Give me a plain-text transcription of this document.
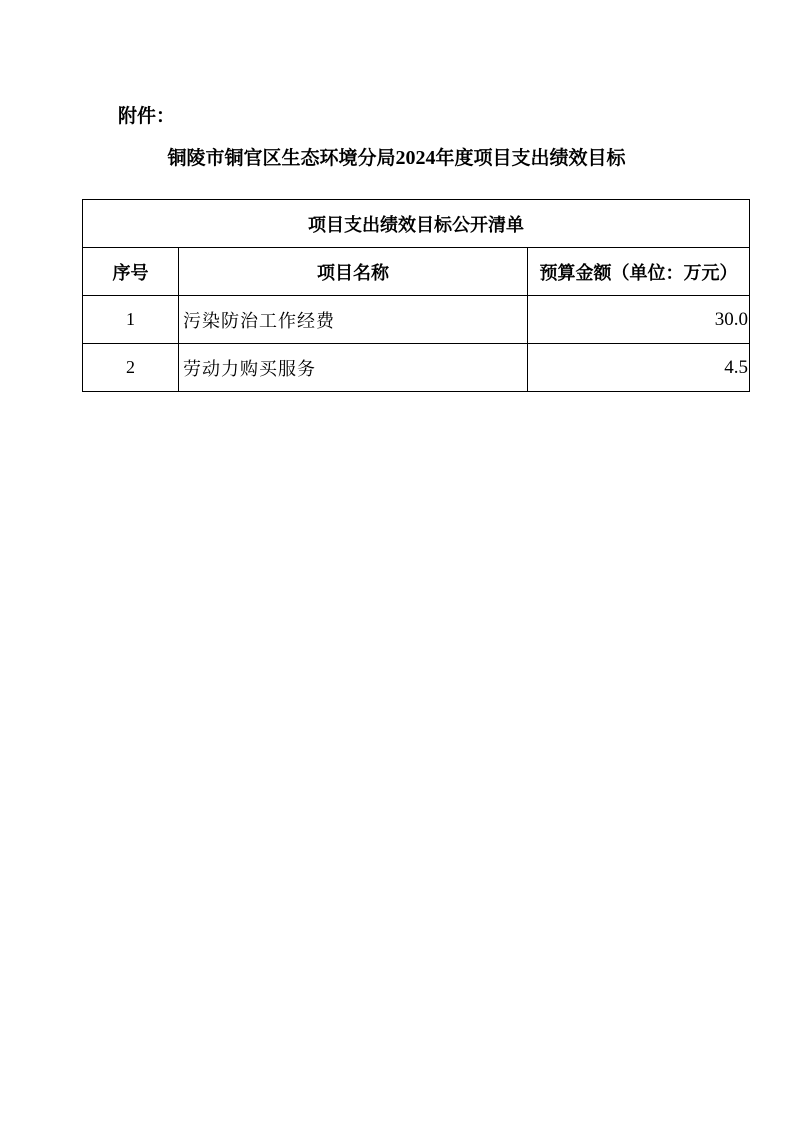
附件：
铜陵市铜官区生态环境分局2024年度项目支出绩效目标
项目支出绩效目标公开清单		
序号	项目名称	预算金额（单位：万元）
1	污染防治工作经费	30.0
2	劳动力购买服务	4.5
